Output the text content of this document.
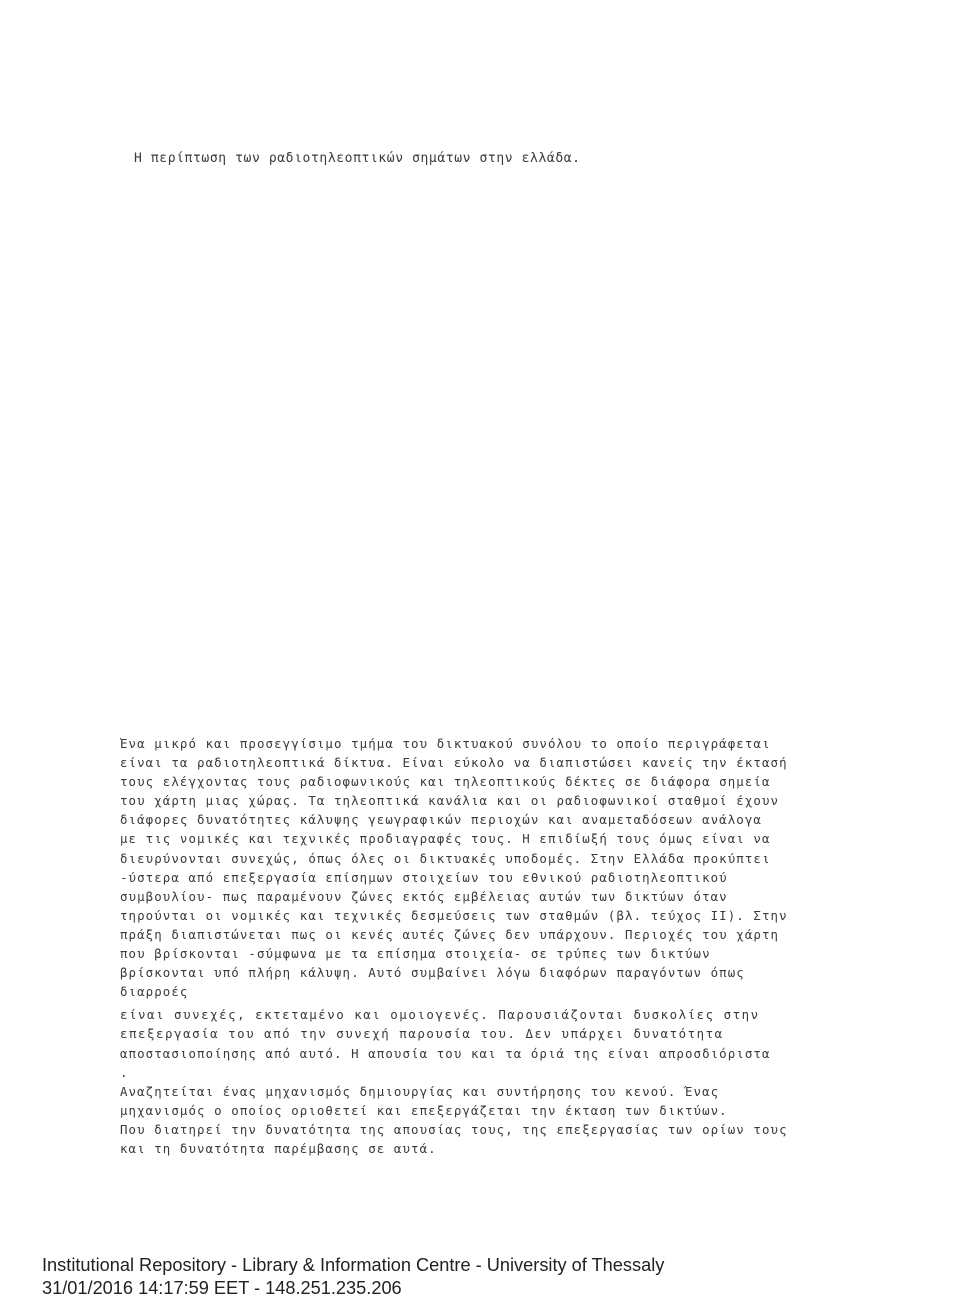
Η περίπτωση των ραδιοτηλεοπτικών σημάτων στην ελλάδα.
Ένα μικρό και προσεγγίσιμο τμήμα του δικτυακού συνόλου το οποίο περιγράφεται
είναι τα ραδιοτηλεοπτικά δίκτυα. Είναι εύκολο να διαπιστώσει κανείς την έκτασή
τους ελέγχοντας τους ραδιοφωνικούς και τηλεοπτικούς δέκτες σε διάφορα σημεία
του χάρτη μιας χώρας. Τα τηλεοπτικά κανάλια και οι ραδιοφωνικοί σταθμοί έχουν
διάφορες δυνατότητες κάλυψης γεωγραφικών περιοχών και αναμεταδόσεων ανάλογα
με τις νομικές και τεχνικές προδιαγραφές τους. Η επιδίωξή τους όμως είναι να
διευρύνονται συνεχώς, όπως όλες οι δικτυακές υποδομές. Στην Ελλάδα προκύπτει
-ύστερα από επεξεργασία επίσημων στοιχείων του εθνικού ραδιοτηλεοπτικού
συμβουλίου- πως παραμένουν ζώνες εκτός εμβέλειας αυτών των δικτύων όταν
τηρούνται οι νομικές και τεχνικές δεσμεύσεις των σταθμών (βλ. τεύχος II). Στην
πράξη διαπιστώνεται πως οι κενές αυτές ζώνες δεν υπάρχουν. Περιοχές του χάρτη
που βρίσκονται -σύμφωνα με τα επίσημα στοιχεία- σε τρύπες των δικτύων
βρίσκονται υπό πλήρη κάλυψη. Αυτό συμβαίνει λόγω διαφόρων παραγόντων όπως
διαρροές
είναι συνεχές, εκτεταμένο και ομοιογενές. Παρουσιάζονται δυσκολίες στην
επεξεργασία του από την συνεχή παρουσία του. Δεν υπάρχει δυνατότητα
αποστασιοποίησης από αυτό. Η απουσία του και τα όριά της είναι απροσδιόριστα
.
Αναζητείται ένας μηχανισμός δημιουργίας και συντήρησης του κενού. Ένας
μηχανισμός ο οποίος οριοθετεί και επεξεργάζεται την έκταση των δικτύων.
Που διατηρεί την δυνατότητα της απουσίας τους, της επεξεργασίας των ορίων τους
και τη δυνατότητα παρέμβασης σε αυτά.
Institutional Repository - Library & Information Centre - University of Thessaly
31/01/2016 14:17:59 EET - 148.251.235.206
